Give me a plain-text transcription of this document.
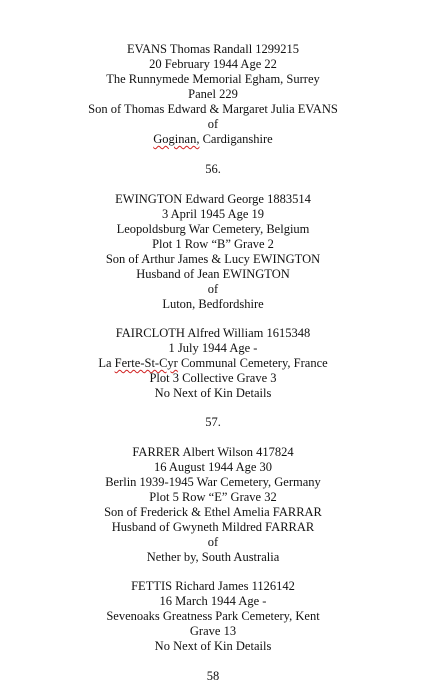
EVANS Thomas Randall 1299215
20 February 1944 Age 22
The Runnymede Memorial Egham, Surrey
Panel 229
Son of Thomas Edward & Margaret Julia EVANS
of
Goginan, Cardiganshire
56.
EWINGTON Edward George 1883514
3 April 1945 Age 19
Leopoldsburg War Cemetery, Belgium
Plot 1 Row “B” Grave 2
Son of Arthur James & Lucy EWINGTON
Husband of Jean EWINGTON
of
Luton, Bedfordshire
FAIRCLOTH Alfred William 1615348
1 July 1944 Age -
La Ferte-St-Cyr Communal Cemetery, France
Plot 3 Collective Grave 3
No Next of Kin Details
57.
FARRER Albert Wilson 417824
16 August 1944 Age 30
Berlin 1939-1945 War Cemetery, Germany
Plot 5 Row “E” Grave 32
Son of Frederick & Ethel Amelia FARRAR
Husband of Gwyneth Mildred FARRAR
of
Nether by, South Australia
FETTIS Richard James 1126142
16 March 1944 Age -
Sevenoaks Greatness Park Cemetery, Kent
Grave 13
No Next of Kin Details
58
